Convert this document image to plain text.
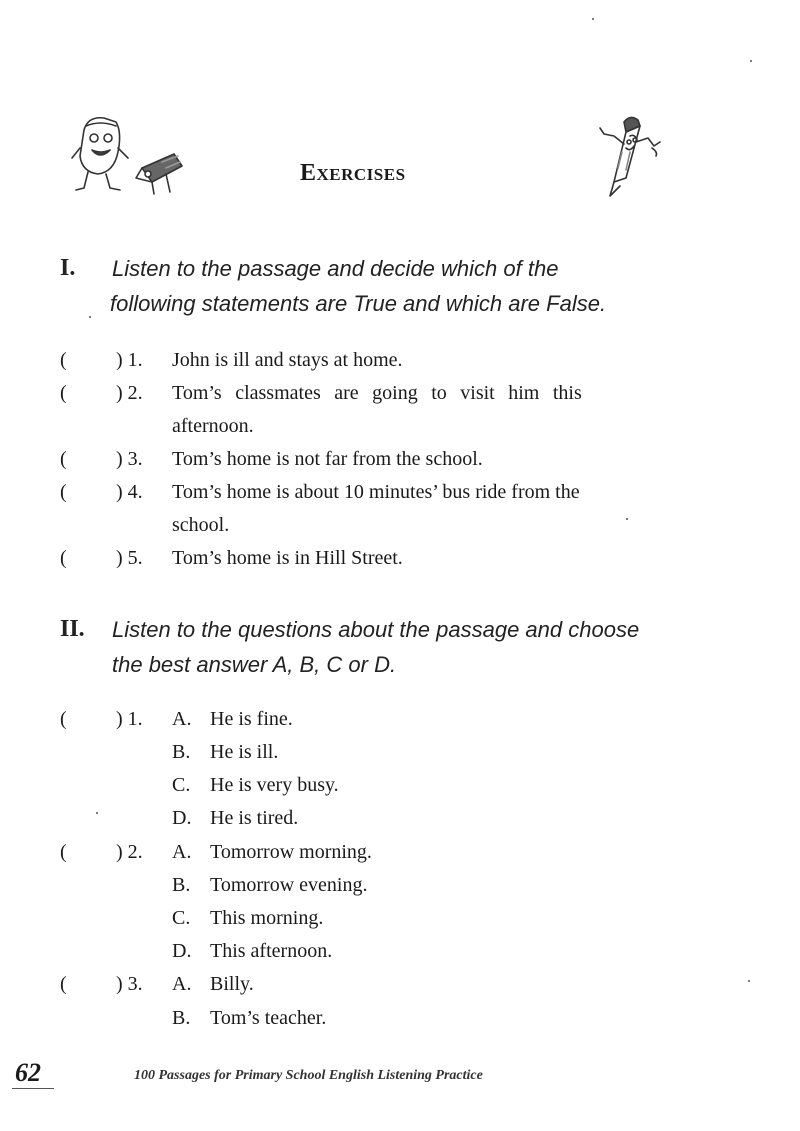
Exercises
I. Listen to the passage and decide which of the
following statements are True and which are False.
( ) 1. John is ill and stays at home.
( ) 2. Tom’s classmates are going to visit him this
afternoon.
( ) 3. Tom’s home is not far from the school.
( ) 4. Tom’s home is about 10 minutes’ bus ride from the
school.
( ) 5. Tom’s home is in Hill Street.
II. Listen to the questions about the passage and choose
the best answer A, B, C or D.
( ) 1. A. He is fine.
B. He is ill.
C. He is very busy.
D. He is tired.
( ) 2. A. Tomorrow morning.
B. Tomorrow evening.
C. This morning.
D. This afternoon.
( ) 3. A. Billy.
B. Tom’s teacher.
62	100 Passages for Primary School English Listening Practice
